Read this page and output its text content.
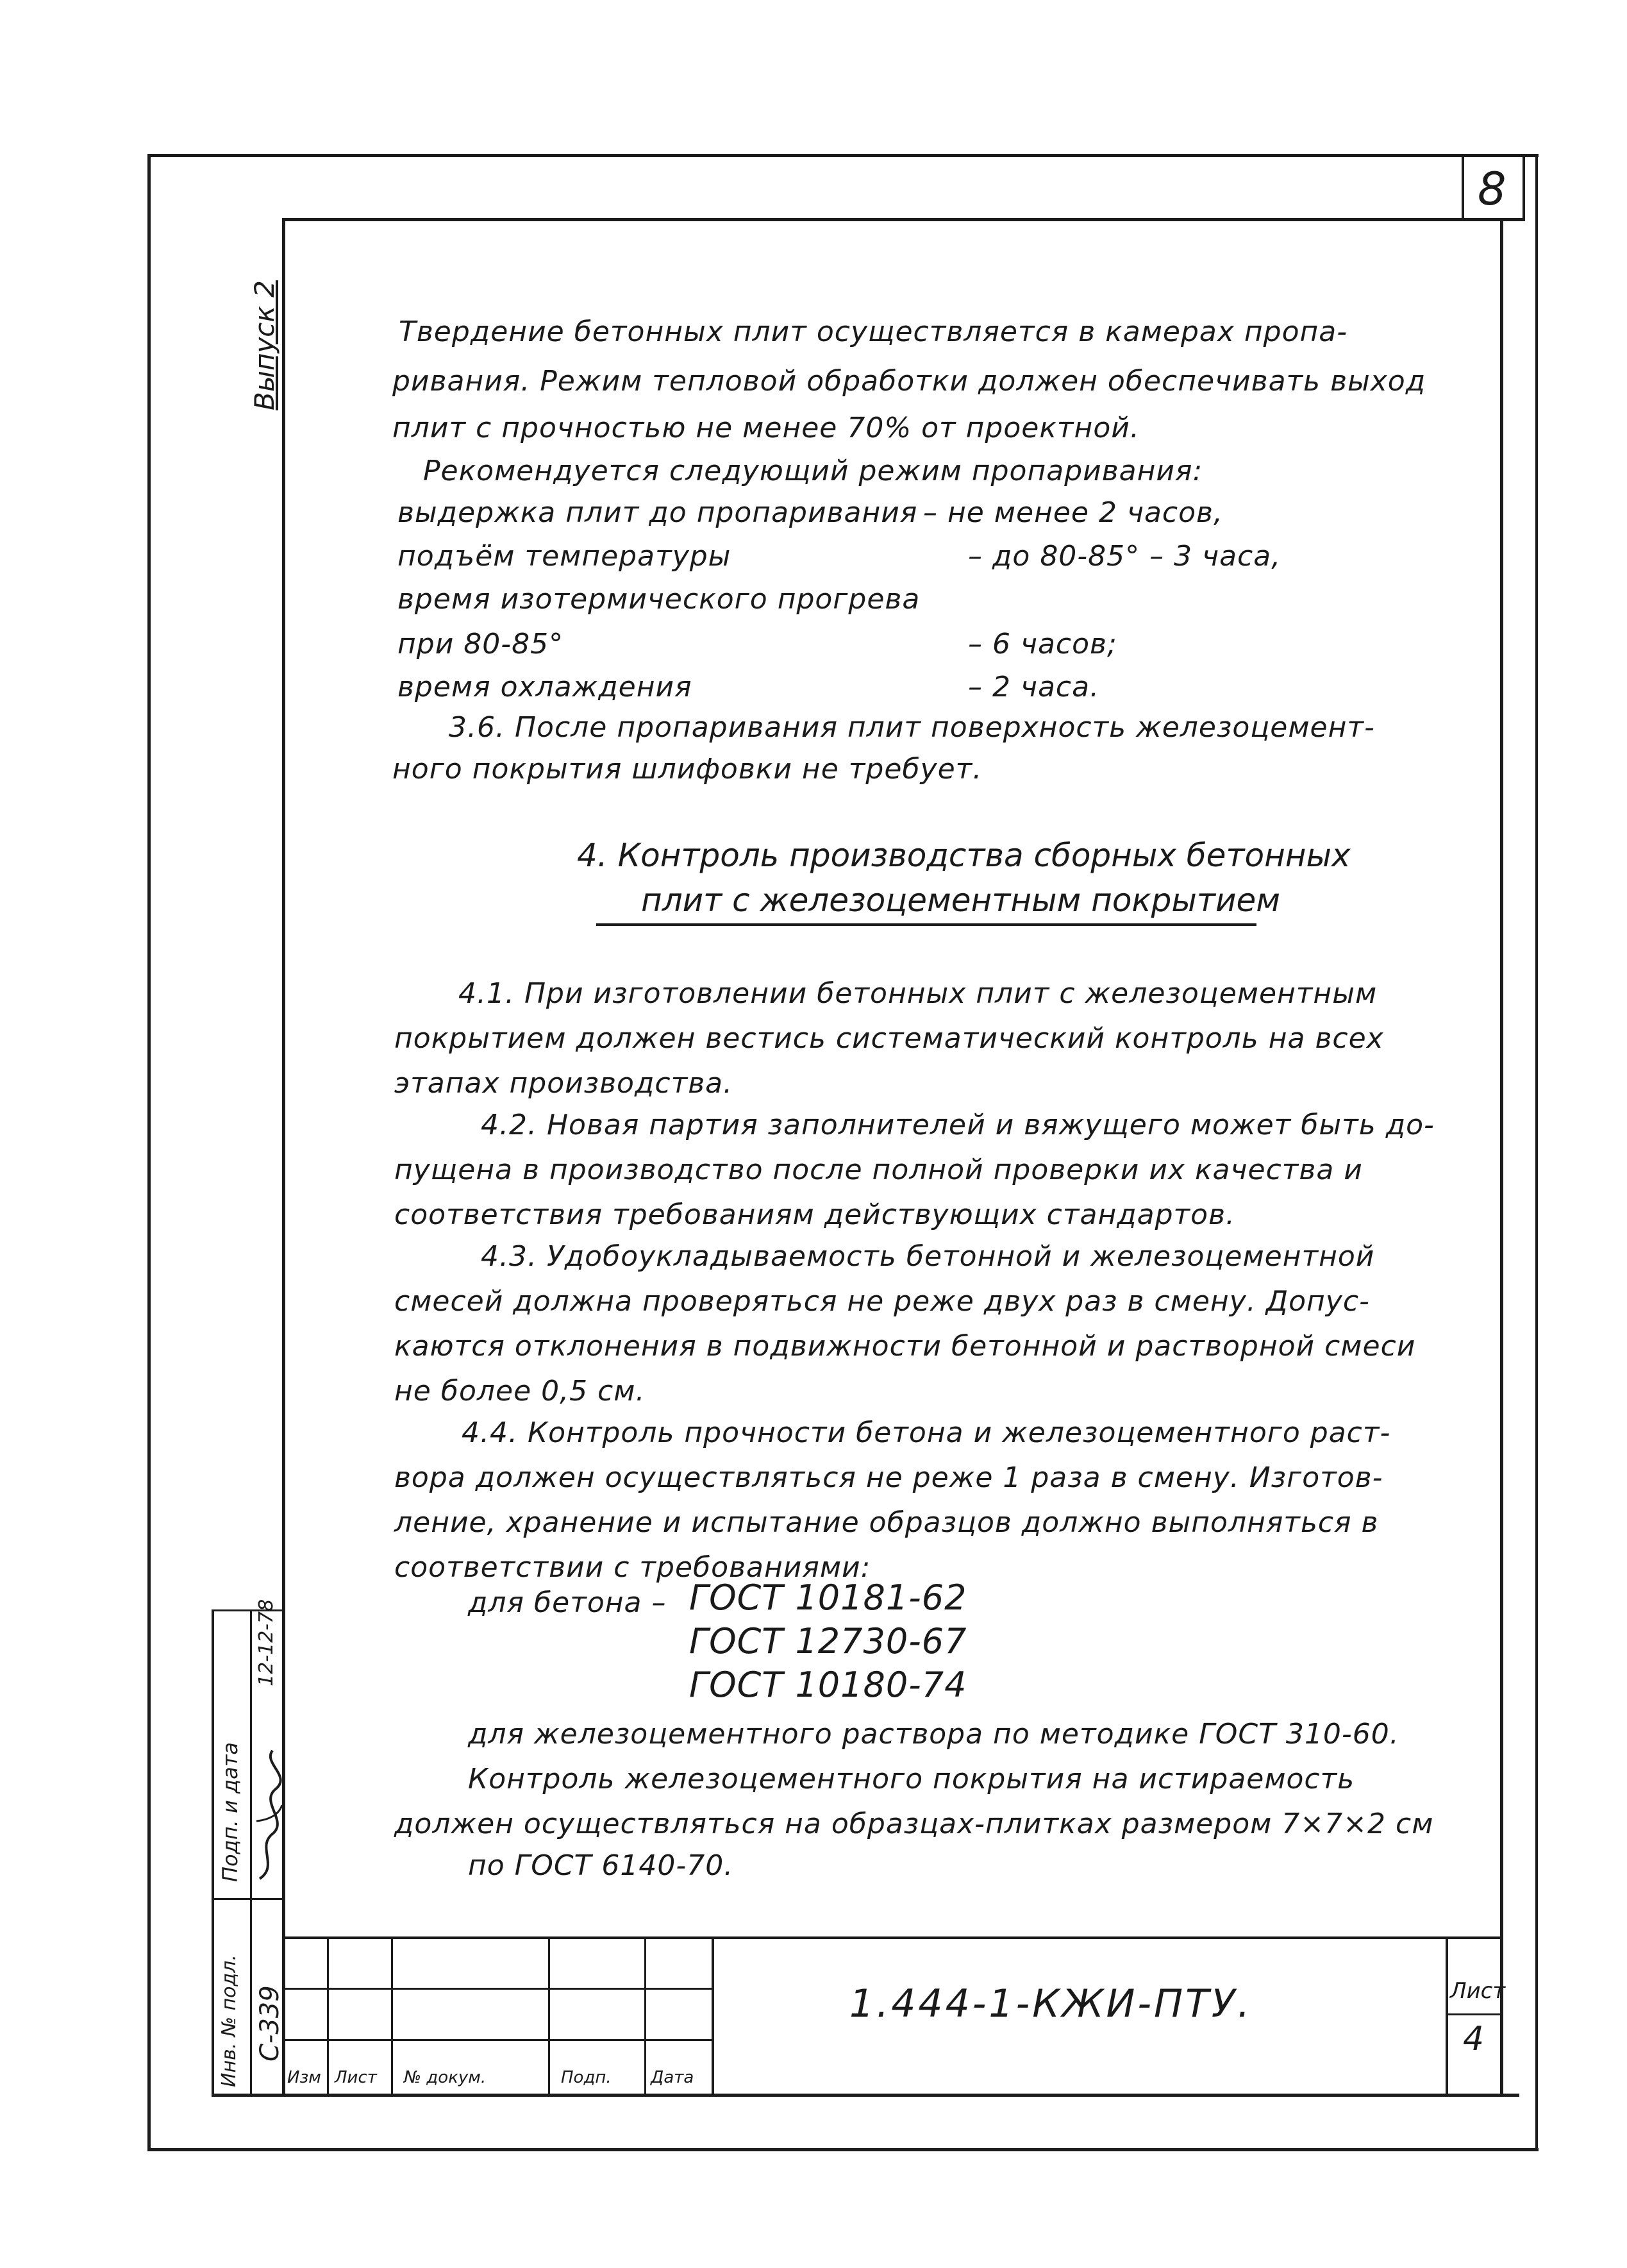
8
Выпуск 2	Твердение бетонных плит осуществляется в камерах пропа-
ривания. Режим тепловой обработки должен обеспечивать выход
плит с прочностью не менее 70% от проектной.
Рекомендуется следующий режим пропаривания:
выдержка плит до пропаривания – не менее 2 часов,
подъём температуры	– до 80-85° – 3 часа,
время изотермического прогрева
при 80-85°	– 6 часов;
время охлаждения	– 2 часа.
3.6. После пропаривания плит поверхность железоцемент-
ного покрытия шлифовки не требует.
4. Контроль производства сборных бетонных
плит с железоцементным покрытием
4.1. При изготовлении бетонных плит с железоцементным
покрытием должен вестись систематический контроль на всех
этапах производства.
4.2. Новая партия заполнителей и вяжущего может быть до-
пущена в производство после полной проверки их качества и
соответствия требованиям действующих стандартов.
4.3. Удобоукладываемость бетонной и железоцементной
смесей должна проверяться не реже двух раз в смену. Допус-
каются отклонения в подвижности бетонной и растворной смеси
не более 0,5 см.
4.4. Контроль прочности бетона и железоцементного раст-
вора должен осуществляться не реже 1 раза в смену. Изготов-
ление, хранение и испытание образцов должно выполняться в
соответствии с требованиями:
для бетона – ГОСТ 10181-62
ГОСТ 12730-67
ГОСТ 10180-74
для железоцементного раствора по методике ГОСТ 310-60.
Контроль железоцементного покрытия на истираемость
должен осуществляться на образцах-плитках размером 7×7×2 см
по ГОСТ 6140-70.
Изм Лист № докум.	Подп. Дата
1.444-1-КЖИ-ПТУ.	Лист
4
Подп. и дата
12-12-78
Инв. № подл. С-339
